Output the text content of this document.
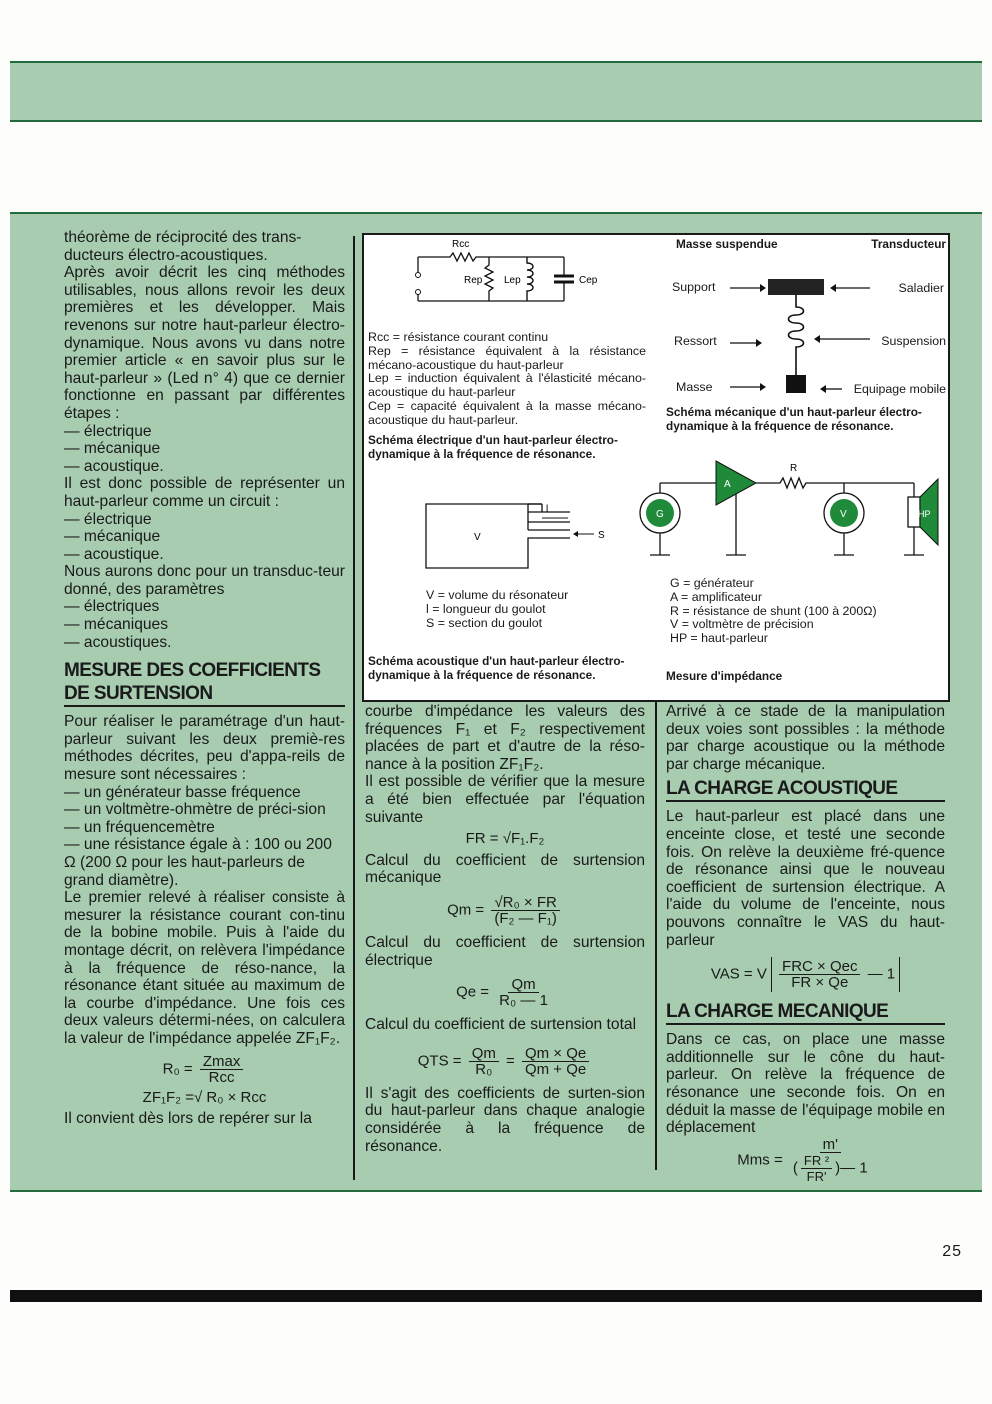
théorème de réciprocité des trans-

ducteurs électro-acoustiques.

Après avoir décrit les cinq méthodes utilisables, nous allons revoir les deux premières et les développer. Mais revenons sur notre haut-parleur électro-dynamique. Nous avons vu dans notre premier article « en savoir plus sur le haut-parleur » (Led n° 4) que ce dernier fonctionne en passant par différentes étapes :

— électrique

— mécanique

— acoustique.

Il est donc possible de représenter un haut-parleur comme un circuit :

— électrique

— mécanique

— acoustique.

Nous aurons donc pour un transduc-teur donné, des paramètres

— électriques

— mécaniques

— acoustiques.

MESURE DES COEFFICIENTS
DE SURTENSION

Pour réaliser le paramétrage d'un haut-parleur suivant les deux premiè-res méthodes décrites, peu d'appa-reils de mesure sont nécessaires :

— un générateur basse fréquence

— un voltmètre-ohmètre de préci-sion

— un fréquencemètre

— une résistance égale à : 100 ou 200 Ω (200 Ω pour les haut-parleurs de grand diamètre).

Le premier relevé à réaliser consiste à mesurer la résistance courant con-tinu de la bobine mobile. Puis à l'aide du montage décrit, on relèvera l'impédance à la fréquence de réso-nance, la résonance étant située au maximum de la courbe d'impédance. Une fois ces deux valeurs détermi-nées, on calculera la valeur de l'impédance appelée ZF₁F₂.

$R_0 = \frac{Zmax}{\text{Rcc}}$
ZF₁F₂ =√ R₀ × Rcc

Il convient dès lors de repérer sur la

courbe d'impédance les valeurs des fréquences F₁ et F₂ respectivement placées de part et d'autre de la réso-nance à la position ZF₁F₂.

Il est possible de vérifier que la mesure a été bien effectuée par l'équation suivante

FR = √F₁.F₂

Calcul du coefficient de surtension mécanique

$Qm = \frac{\text{√R₀ × FR}}{\text{(F₂ — F₁)}}$

Calcul du coefficient de surtension électrique

$Qe = \frac{Qm}{\text{R₀ — 1}}$

Calcul du coefficient de surtension total

QTS = $\frac{Qm}{\text{R₀}} = \frac{Qm \times Qe}{Qm + Qe}$

Il s'agit des coefficients de surten-sion du haut-parleur dans chaque analogie considérée à la fréquence de résonance.

Arrivé à ce stade de la manipulation deux voies sont possibles : la méthode par charge acoustique ou la méthode par charge mécanique.

LA CHARGE ACOUSTIQUE

Le haut-parleur est placé dans une enceinte close, et testé une seconde fois. On relève la deuxième fré-quence de résonance ainsi que le nouveau coefficient de surtension électrique. A l'aide du volume de l'enceinte, nous pouvons connaître le VAS du haut-parleur

VAS = V $\frac{\text{FRC × Qec}}{FR \times Qe}$ — 1
LA CHARGE MECANIQUE

Dans ce cas, on place une masse additionnelle sur le cône du haut-parleur. On relève la fréquence de résonance une seconde fois. On en déduit la masse de l'équipage mobile en déplacement

Mms = $\frac{m'}{( \frac{\text{FR ²}}{FR'} )— 1}$
Rcc
Rep Lep	Cep
Rcc = résistance courant continu
Rep = résistance équivalent à la résistance mécano-acoustique du haut-parleur
Lep = induction équivalent à l'élasticité mécano-acoustique du haut-parleur
Cep = capacité équivalent à la masse mécano-acoustique du haut-parleur.
Schéma électrique d'un haut-parleur électro-dynamique à la fréquence de résonance.
Masse suspendue	Transducteur
Support
Ressort
Masse
Saladier
Suspension
Equipage mobile
Schéma mécanique d'un haut-parleur électro-dynamique à la fréquence de résonance.
l
S
V
V = volume du résonateur
l = longueur du goulot
S = section du goulot
Schéma acoustique d'un haut-parleur électro-dynamique à la fréquence de résonance.
G
A
R
V	HP
G = générateur
A = amplificateur
R = résistance de shunt (100 à 200Ω)
V = voltmètre de précision
HP = haut-parleur
Mesure d'impédance
25
